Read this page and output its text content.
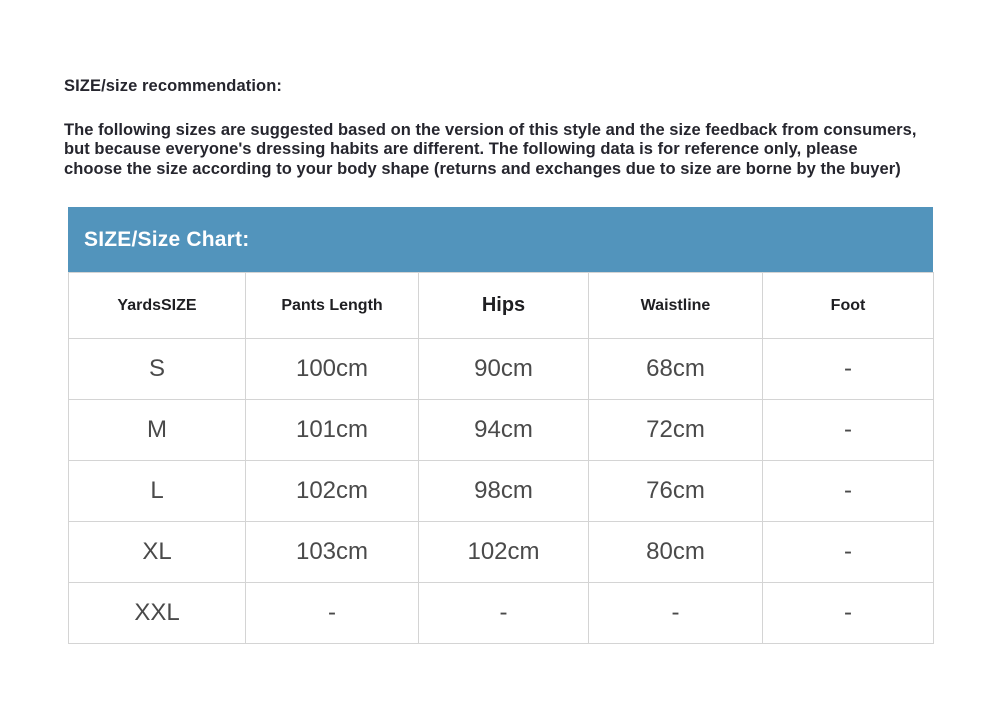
SIZE/size recommendation:
The following sizes are suggested based on the version of this style and the size feedback from consumers,
but because everyone's dressing habits are different. The following data is for reference only, please
choose the size according to your body shape (returns and exchanges due to size are borne by the buyer)
SIZE/Size Chart:
YardsSIZE	Pants Length	Hips	Waistline	Foot
S	100cm	90cm	68cm	-
M	101cm	94cm	72cm	-
L	102cm	98cm	76cm	-
XL	103cm	102cm	80cm	-
XXL	-	-	-	-
